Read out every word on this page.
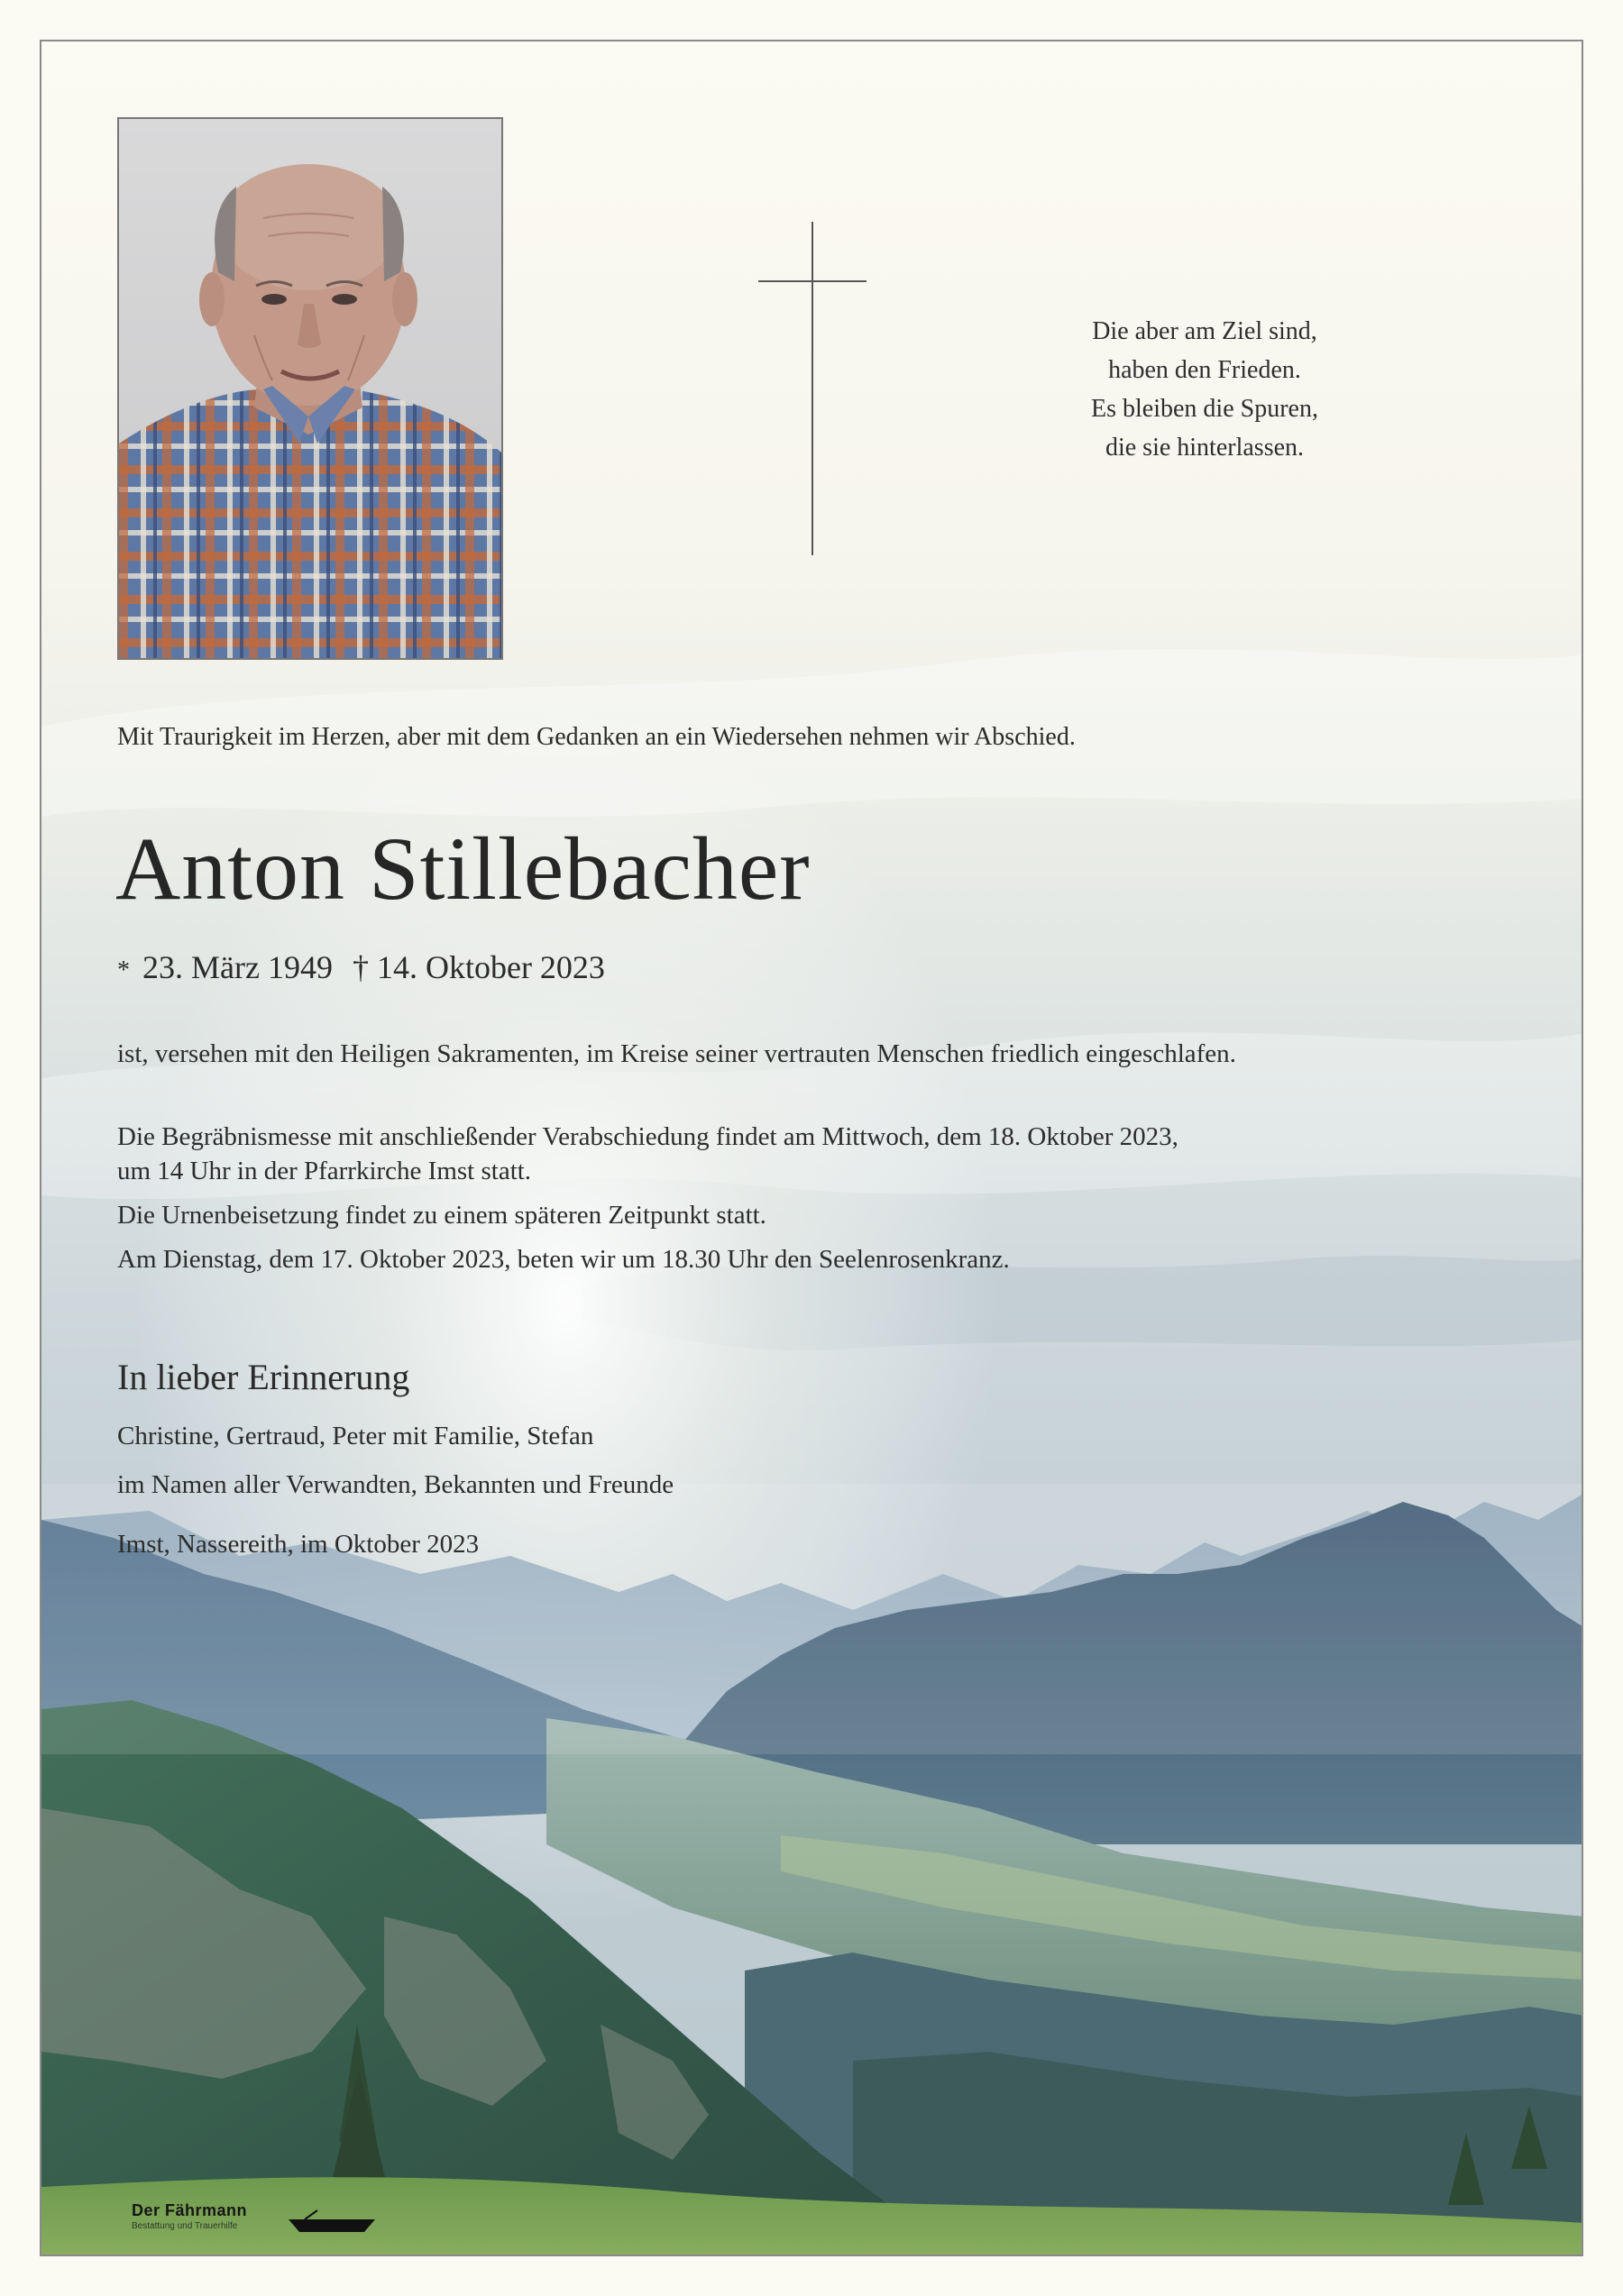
Die aber am Ziel sind,
haben den Frieden.
Es bleiben die Spuren,
die sie hinterlassen.
Mit Traurigkeit im Herzen, aber mit dem Gedanken an ein Wiedersehen nehmen wir Abschied.
Anton Stillebacher
* 23. März 1949 † 14. Oktober 2023
ist, versehen mit den Heiligen Sakramenten, im Kreise seiner vertrauten Menschen friedlich eingeschlafen.
Die Begräbnismesse mit anschließender Verabschiedung findet am Mittwoch, dem 18. Oktober 2023,
um 14 Uhr in der Pfarrkirche Imst statt.
Die Urnenbeisetzung findet zu einem späteren Zeitpunkt statt.
Am Dienstag, dem 17. Oktober 2023, beten wir um 18.30 Uhr den Seelenrosenkranz.
In lieber Erinnerung
Christine, Gertraud, Peter mit Familie, Stefan
im Namen aller Verwandten, Bekannten und Freunde
Imst, Nassereith, im Oktober 2023
Der Fährmann
Bestattung und Trauerhilfe
